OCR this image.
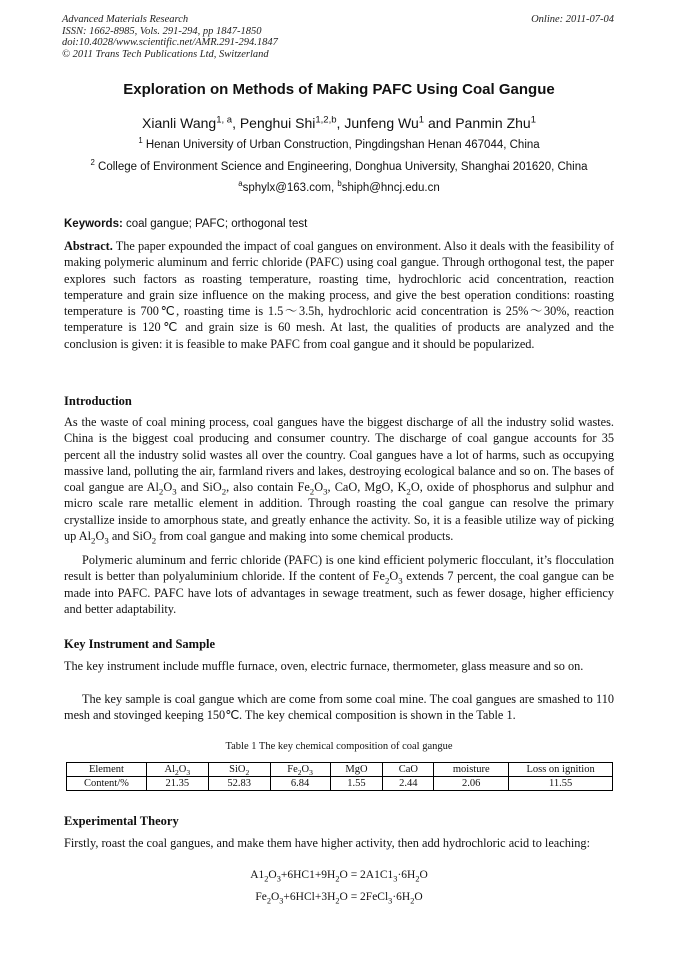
Advanced Materials Research
ISSN: 1662-8985, Vols. 291-294, pp 1847-1850
doi:10.4028/www.scientific.net/AMR.291-294.1847
© 2011 Trans Tech Publications Ltd, Switzerland
Online: 2011-07-04
Exploration on Methods of Making PAFC Using Coal Gangue
Xianli Wang$^{1, a}$, Penghui Shi$^{1,2,b}$, Junfeng Wu$^1$ and Panmin Zhu$^1$
$^1$ Henan University of Urban Construction, Pingdingshan Henan 467044, China
$^2$ College of Environment Science and Engineering, Donghua University, Shanghai 201620, China
$^a$sphylx@163.com, $^b$shiph@hncj.edu.cn
Keywords: coal gangue; PAFC; orthogonal test

Abstract. The paper expounded the impact of coal gangues on environment. Also it deals with the feasibility of making polymeric aluminum and ferric chloride (PAFC) using coal gangue. Through orthogonal test, the paper explores such factors as roasting temperature, roasting time, hydrochloric acid concentration, reaction temperature and grain size influence on the making process, and give the best operation conditions: roasting temperature is 700℃, roasting time is 1.5～3.5h, hydrochloric acid concentration is 25%～30%, reaction temperature is 120℃ and grain size is 60 mesh. At last, the qualities of products are analyzed and the conclusion is given: it is feasible to make PAFC from coal gangue and it should be popularized.

Introduction

As the waste of coal mining process, coal gangues have the biggest discharge of all the industry solid wastes. China is the biggest coal producing and consumer country. The discharge of coal gangue accounts for 35 percent all the industry solid wastes all over the country. Coal gangues have a lot of harms, such as occupying massive land, polluting the air, farmland rivers and lakes, destroying ecological balance and so on. The bases of coal gangue are $Al_2O_3$ and SiO$_2$, also contain $Fe_2O_3$, CaO, MgO, $K_2O$, oxide of phosphorus and sulphur and micro scale rare metallic element in addition. Through roasting the coal gangue can resolve the primary crystallize inside to amorphous state, and greatly enhance the activity. So, it is a feasible utilize way of picking up $Al_2O_3$ and SiO$_2$ from coal gangue and making into some chemical products.

Polymeric aluminum and ferric chloride (PAFC) is one kind efficient polymeric flocculant, it’s flocculation result is better than polyaluminium chloride. If the content of $Fe_2O_3$ extends 7 percent, the coal gangue can be made into PAFC. PAFC have lots of advantages in sewage treatment, such as fewer dosage, higher efficiency and better adaptability.

Key Instrument and Sample

The key instrument include muffle furnace, oven, electric furnace, thermometer, glass measure and so on.

The key sample is coal gangue which are come from some coal mine. The coal gangues are smashed to 110 mesh and stovinged keeping 150℃. The key chemical composition is shown in the Table 1.

Table 1 The key chemical composition of coal gangue
Element	$Al_2O_3$	SiO$_2$	$Fe_2O_3$	MgO	CaO	moisture	Loss on ignition
Content/%	21.35	52.83	6.84	1.55	2.44	2.06	11.55
Experimental Theory

Firstly, roast the coal gangues, and make them have higher activity, then add hydrochloric acid to leaching:

$A1_2O_3+6HC1+9H_2O = 2A1C1_3\cdot 6H_2O$
$Fe_2O_3+6HCl+3H_2O$ = $2FeCl_3\cdot 6H_2O$
